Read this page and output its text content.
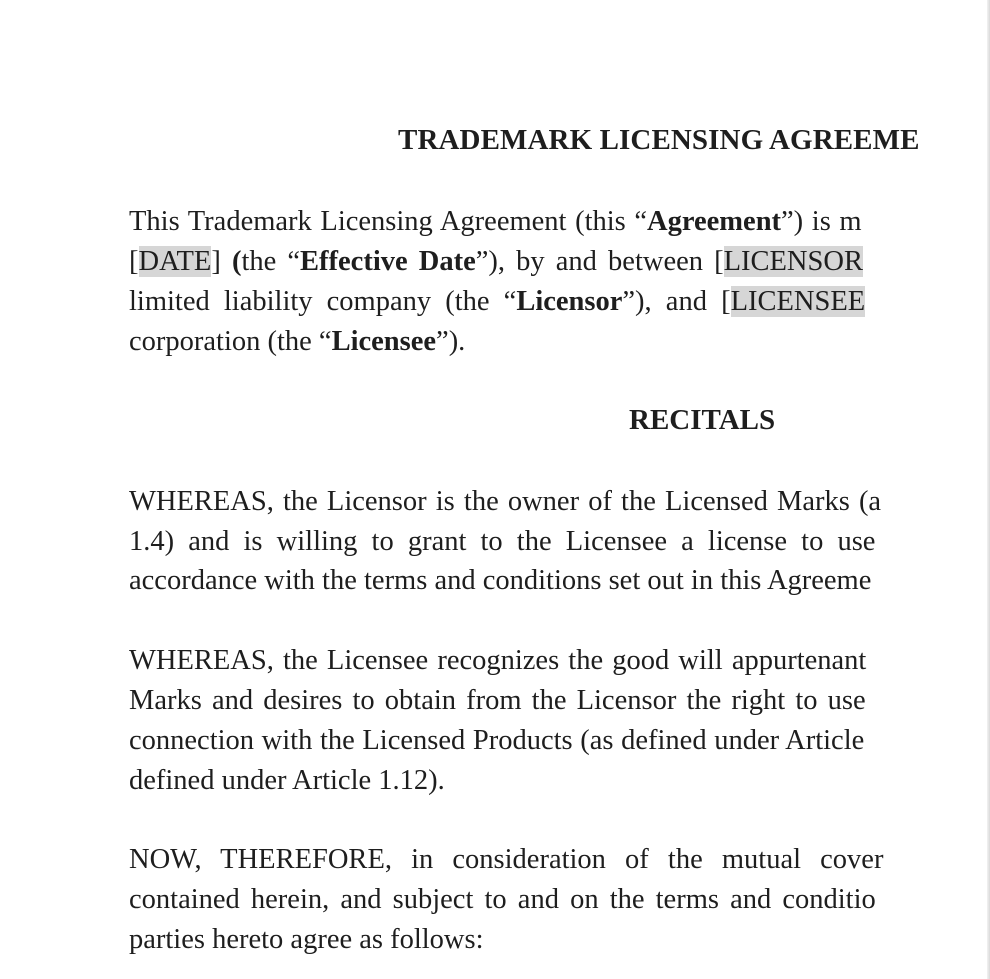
TRADEMARK LICENSING AGREEME
This Trademark Licensing Agreement (this “Agreement”) is m
[DATE] (the “Effective Date”), by and between [LICENSOR
limited liability company (the “Licensor”), and [LICENSEE
corporation (the “Licensee”).
RECITALS
WHEREAS, the Licensor is the owner of the Licensed Marks (a
1.4) and is willing to grant to the Licensee a license to use
accordance with the terms and conditions set out in this Agreeme
WHEREAS, the Licensee recognizes the good will appurtenant
Marks and desires to obtain from the Licensor the right to use
connection with the Licensed Products (as defined under Article
defined under Article 1.12).
NOW, THEREFORE, in consideration of the mutual cover
contained herein, and subject to and on the terms and conditio
parties hereto agree as follows:
